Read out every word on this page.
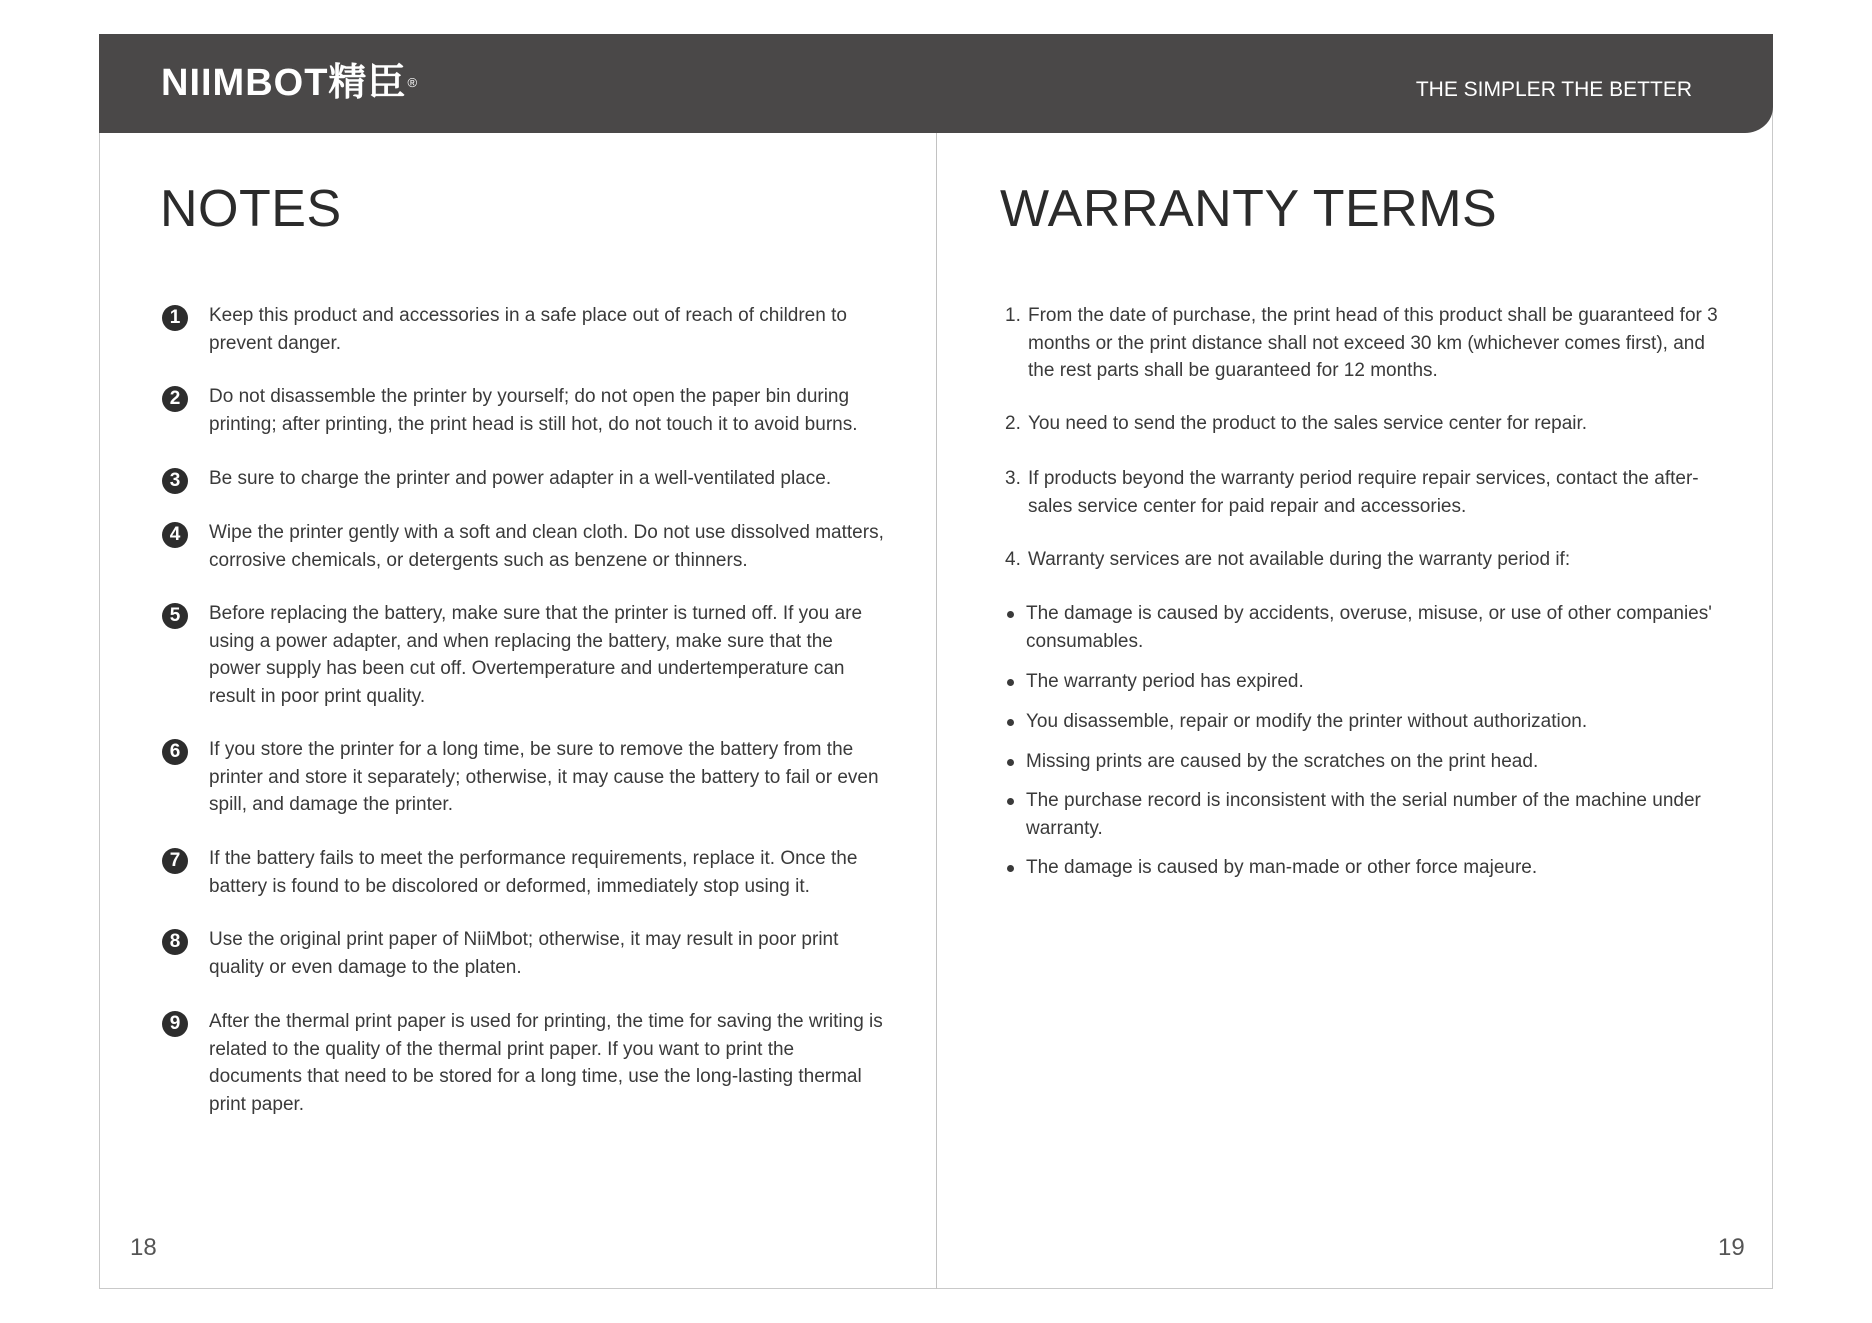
NIIMBOT精臣®	THE SIMPLER THE BETTER
NOTES	WARRANTY TERMS
1	Keep this product and accessories in a safe place out of reach of children to prevent danger.

2	Do not disassemble the printer by yourself; do not open the paper bin during printing; after printing, the print head is still hot, do not touch it to avoid burns.

3	Be sure to charge the printer and power adapter in a well-ventilated place.

4	Wipe the printer gently with a soft and clean cloth. Do not use dissolved matters, corrosive chemicals, or detergents such as benzene or thinners.

5	Before replacing the battery, make sure that the printer is turned off. If you are using a power adapter, and when replacing the battery, make sure that the power supply has been cut off. Overtemperature and undertemperature can result in poor print quality.

6	If you store the printer for a long time, be sure to remove the battery from the printer and store it separately; otherwise, it may cause the battery to fail or even spill, and damage the printer.

7	If the battery fails to meet the performance requirements, replace it. Once the battery is found to be discolored or deformed, immediately stop using it.

8	Use the original print paper of NiiMbot; otherwise, it may result in poor print quality or even damage to the platen.

9	After the thermal print paper is used for printing, the time for saving the writing is related to the quality of the thermal print paper. If you want to print the documents that need to be stored for a long time, use the long-lasting thermal print paper.

1. From the date of purchase, the print head of this product shall be guaranteed for 3 months or the print distance shall not exceed 30 km (whichever comes first), and the rest parts shall be guaranteed for 12 months.

2. You need to send the product to the sales service center for repair.

3. If products beyond the warranty period require repair services, contact the after-sales service center for paid repair and accessories.

4. Warranty services are not available during the warranty period if:

The damage is caused by accidents, overuse, misuse, or use of other companies' consumables.

The warranty period has expired.

You disassemble, repair or modify the printer without authorization.

Missing prints are caused by the scratches on the print head.

The purchase record is inconsistent with the serial number of the machine under warranty.

The damage is caused by man-made or other force majeure.

18	19
